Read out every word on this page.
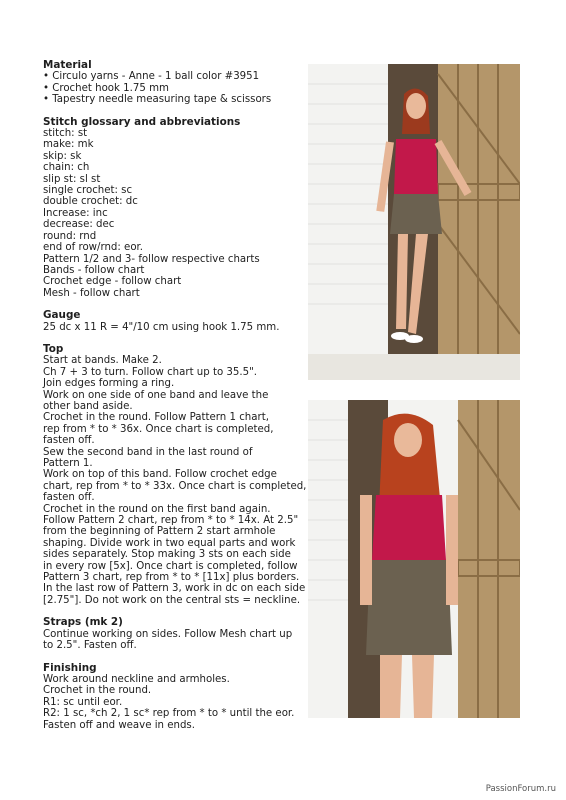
Material
• Circulo yarns - Anne - 1 ball color #3951
• Crochet hook 1.75 mm
• Tapestry needle measuring tape & scissors
Stitch glossary and abbreviations
stitch: st
make: mk
skip: sk
chain: ch
slip st: sl st
single crochet: sc
double crochet: dc
Increase: inc
decrease: dec
round: rnd
end of row/rnd: eor.
Pattern 1/2 and 3- follow respective charts
Bands - follow chart
Crochet edge - follow chart
Mesh - follow chart
Gauge
25 dc x 11 R = 4"/10 cm using hook 1.75 mm.
Top
Start at bands. Make 2.
Ch 7 + 3 to turn. Follow chart up to 35.5".
Join edges forming a ring.
Work on one side of one band and leave the
other band aside.
Crochet in the round. Follow Pattern 1 chart,
rep from * to * 36x. Once chart is completed,
fasten off.
Sew the second band in the last round of
Pattern 1.
Work on top of this band. Follow crochet edge
chart, rep from * to * 33x. Once chart is completed,
fasten off.
Crochet in the round on the first band again.
Follow Pattern 2 chart, rep from * to * 14x. At 2.5"
from the beginning of Pattern 2 start armhole
shaping. Divide work in two equal parts and work
sides separately. Stop making 3 sts on each side
in every row [5x]. Once chart is completed, follow
Pattern 3 chart, rep from * to * [11x] plus borders.
In the last row of Pattern 3, work in dc on each side
[2.75"]. Do not work on the central sts = neckline.
Straps (mk 2)
Continue working on sides. Follow Mesh chart up
to 2.5". Fasten off.
Finishing
Work around neckline and armholes.
Crochet in the round.
R1: sc until eor.
R2: 1 sc, *ch 2, 1 sc* rep from * to * until the eor.
Fasten off and weave in ends.
PassionForum.ru
